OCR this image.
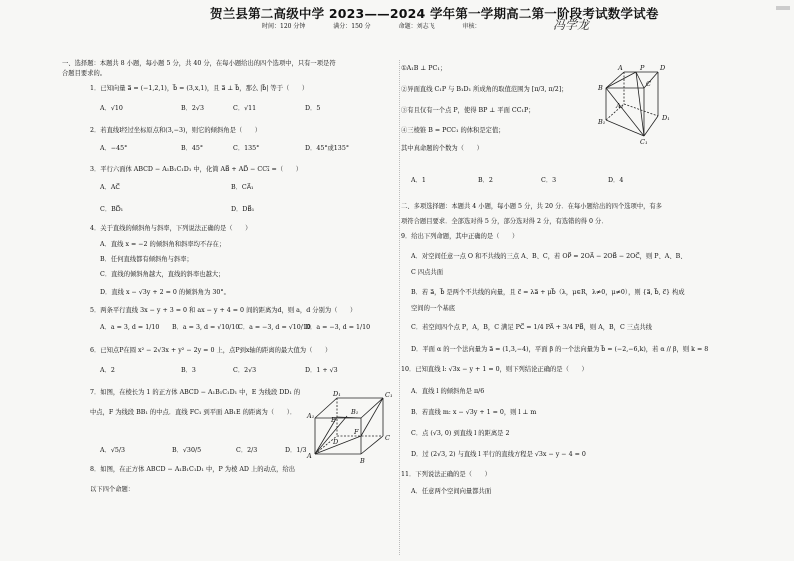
贺兰县第二高级中学 2023——2024 学年第一学期高二第一阶段考试数学试卷
时间：120 分钟	满分：150 分	命题：刘志飞	审核：	冯学龙
一、选择题：本题共 8 小题，每小题 5 分，共 40 分，在每小题给出的四个选项中，只有一项是符
合题目要求的。
1．已知向量 a⃗ = (−1,2,1)，b⃗ = (3,x,1)，且 a⃗ ⊥ b⃗，那么 |b⃗| 等于（　　）
A．√10	B．2√3	C．√11	D．5
2．若直线l经过坐标原点和(3,−3)，则它的倾斜角是（　　）
A．−45°	B．45°	C．135°	D．45°或135°
3．平行六面体 ABCD − A₁B₁C₁D₁ 中，化简 AB⃗ + AD⃗ − CC₁⃗ =（　　）
A．AC⃗	B．CA⃗₁
C．BD⃗₁	D．DB⃗₁
4．关于直线的倾斜角与斜率，下列说法正确的是（　　）
A．直线 x = −2 的倾斜角和斜率均不存在；
B．任何直线都有倾斜角与斜率；
C．直线的倾斜角越大，直线的斜率也越大；
D．直线 x − √3y + 2 = 0 的倾斜角为 30°。
5．两条平行直线 3x − y + 3 = 0 和 ax − y + 4 = 0 间的距离为d，则 a，d 分别为（　　）
A．a = 3, d = 1/10 B．a = 3, d = √10/10
C．a = −3, d = √10/10
D．a = −3, d = 1/10
6．已知点P在圆 x² − 2√3x + y² − 2y = 0 上，点P到x轴的距离的最大值为（　　）
A．2	B．3	C．2√3	D．1 + √3
7．如图，在棱长为 1 的正方体 ABCD − A₁B₁C₁D₁ 中，E 为线段 DD₁ 的
中点，F 为线段 BB₁ 的中点．直线 FC₁ 到平面 AB₁E 的距离为（　　）．
A．√5/3	B．√30/5	C．2/3	D．1/3
8．如图，在正方体 ABCD − A₁B₁C₁D₁ 中，P 为棱 AD 上的动点，给出
以下四个命题：
D₁	C₁
A₁	B₁
E
F
D	C
A
B
①A₁B ⊥ PC₁；
②异面直线 C₁P 与 B₁D₁ 所成角的取值范围为 [π/3, π/2]；
③有且仅有一个点 P，使得 BP ⊥ 平面 CC₁P；
④三棱锥 B = PCC₁ 的体积是定值；
其中真命题的个数为（　　）
A．1	B．2	C．3	D．4
二、多项选择题：本题共 4 小题，每小题 5 分，共 20 分．在每小题给出的四个选项中，有多
项符合题目要求．全部选对得 5 分，部分选对得 2 分，有选错的得 0 分．
9．给出下列命题，其中正确的是（　　）
A．对空间任意一点 O 和不共线的三点 A、B、C，若 OP⃗ = 2OA⃗ − 2OB⃗ − 2OC⃗，则 P、A、B、
C 四点共面
B．若 a⃗，b⃗ 是两个不共线的向量，且 c⃗ = λa⃗ + μb⃗（λ，μ∈R，λ≠0，μ≠0），则 {a⃗, b⃗, c⃗} 构成
空间的一个基底
C．若空间四个点 P，A，B，C 满足 PC⃗ = 1/4 PA⃗ + 3/4 PB⃗，则 A，B，C 三点共线
D．平面 α 的一个法向量为 a⃗ = (1,3,−4)，平面 β 的一个法向量为 b⃗ = (−2,−6,k)，若 α // β，则 k = 8
10．已知直线 l: √3x − y + 1 = 0，则下列结论正确的是（　　）
A．直线 l 的倾斜角是 π/6
B．若直线 m: x − √3y + 1 = 0，则 l ⊥ m
C．点 (√3, 0) 到直线 l 的距离是 2
D．过 (2√3, 2) 与直线 l 平行的直线方程是 √3x − y − 4 = 0
11．下列说法正确的是（　　）
A．任意两个空间向量都共面
A	P D
B	C
A₁
D₁
B₁
C₁
